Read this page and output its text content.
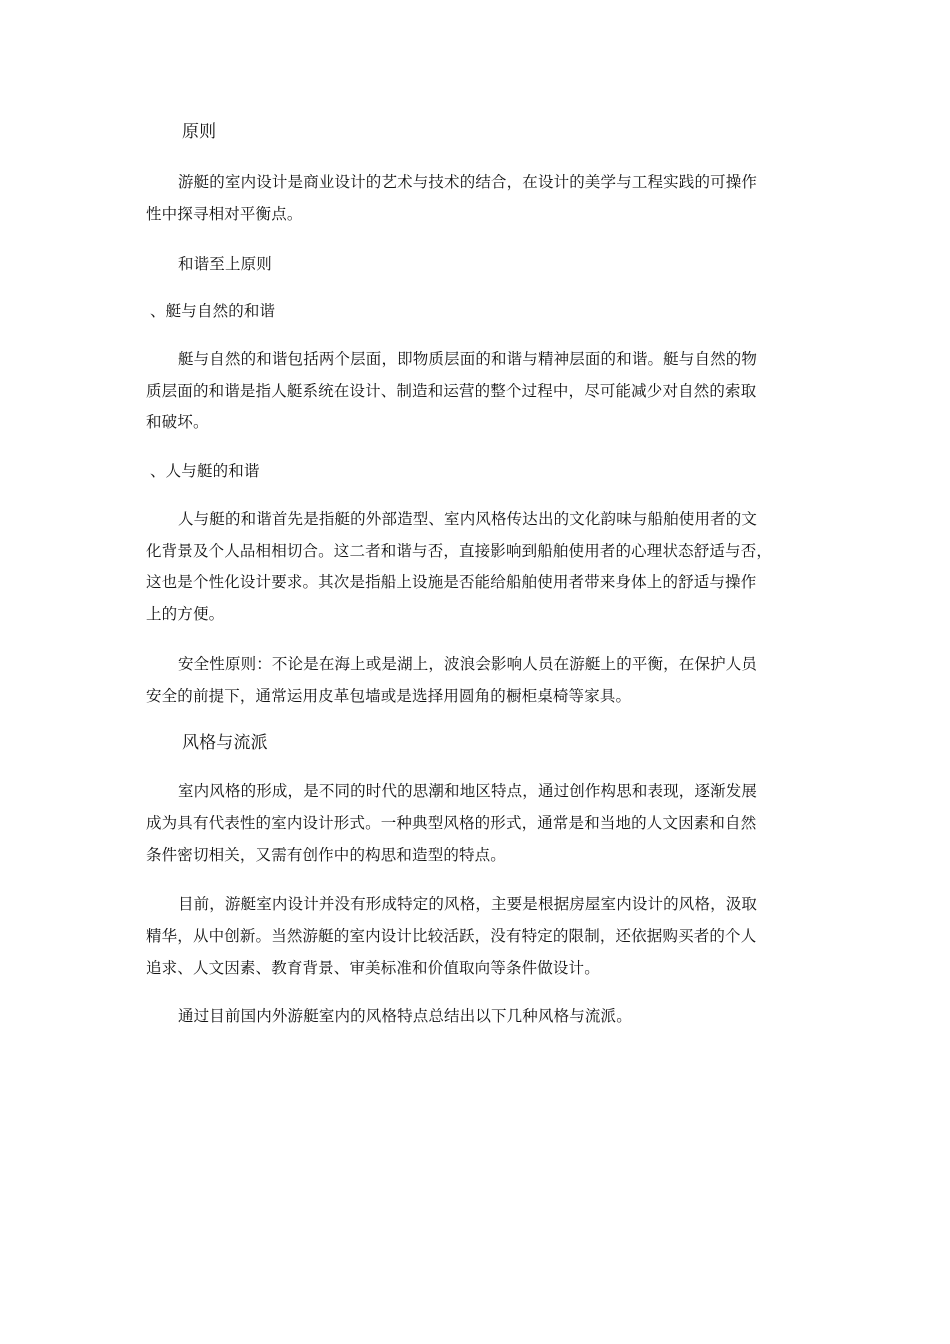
原则
游艇的室内设计是商业设计的艺术与技术的结合，在设计的美学与工程实践的可操作
性中探寻相对平衡点。
和谐至上原则
、艇与自然的和谐
艇与自然的和谐包括两个层面，即物质层面的和谐与精神层面的和谐。艇与自然的物
质层面的和谐是指人艇系统在设计、制造和运营的整个过程中，尽可能减少对自然的索取
和破坏。
、人与艇的和谐
人与艇的和谐首先是指艇的外部造型、室内风格传达出的文化韵味与船舶使用者的文
化背景及个人品相相切合。这二者和谐与否，直接影响到船舶使用者的心理状态舒适与否，
这也是个性化设计要求。其次是指船上设施是否能给船舶使用者带来身体上的舒适与操作
上的方便。
安全性原则：不论是在海上或是湖上，波浪会影响人员在游艇上的平衡，在保护人员
安全的前提下，通常运用皮革包墙或是选择用圆角的橱柜桌椅等家具。
风格与流派
室内风格的形成，是不同的时代的思潮和地区特点，通过创作构思和表现，逐渐发展
成为具有代表性的室内设计形式。一种典型风格的形式，通常是和当地的人文因素和自然
条件密切相关，又需有创作中的构思和造型的特点。
目前，游艇室内设计并没有形成特定的风格，主要是根据房屋室内设计的风格，汲取
精华，从中创新。当然游艇的室内设计比较活跃，没有特定的限制，还依据购买者的个人
追求、人文因素、教育背景、审美标准和价值取向等条件做设计。
通过目前国内外游艇室内的风格特点总结出以下几种风格与流派。
